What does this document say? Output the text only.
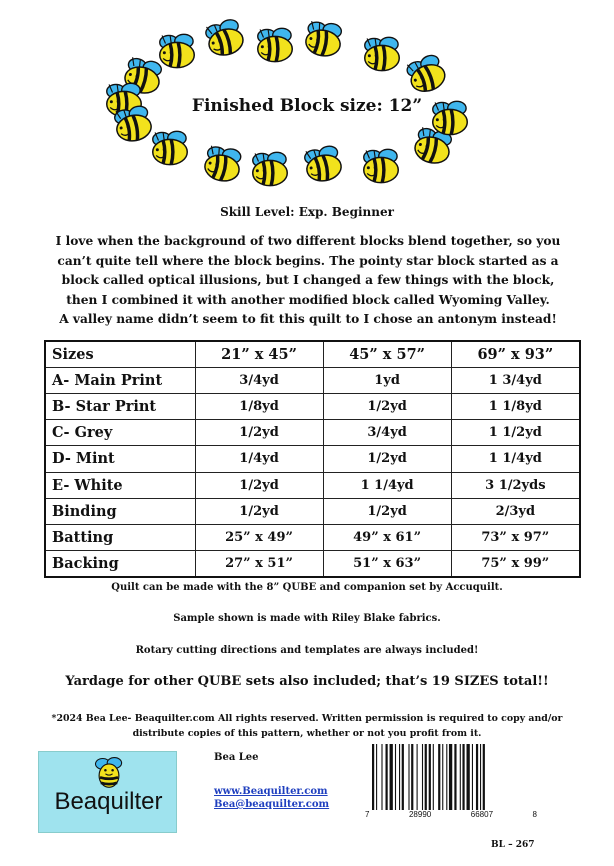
Finished Block size: 12”
Skill Level: Exp. Beginner
I love when the background of two different blocks blend together, so you
can’t quite tell where the block begins. The pointy star block started as a
block called optical illusions, but I changed a few things with the block,
then I combined it with another modified block called Wyoming Valley.
A valley name didn’t seem to fit this quilt to I chose an antonym instead!
Sizes	21” x 45”	45” x 57”	69” x 93”
A- Main Print	3/4yd	1yd	1 3/4yd
B- Star Print	1/8yd	1/2yd	1 1/8yd
C- Grey	1/2yd	3/4yd	1 1/2yd
D- Mint	1/4yd	1/2yd	1 1/4yd
E- White	1/2yd	1 1/4yd	3 1/2yds
Binding	1/2yd	1/2yd	2/3yd
Batting	25” x 49”	49” x 61”	73” x 97”
Backing	27” x 51”	51” x 63”	75” x 99”
Quilt can be made with the 8” QUBE and companion set by Accuquilt.
Sample shown is made with Riley Blake fabrics.
Rotary cutting directions and templates are always included!
Yardage for other QUBE sets also included; that’s 19 SIZES total!!
*2024 Bea Lee- Beaquilter.com All rights reserved. Written permission is required to copy and/or distribute copies of this pattern, whether or not you profit from it.
Beaquilter
Bea Lee
www.Beaquilter.com
Bea@beaquilter.com
7	28990	66807	8
BL – 267
